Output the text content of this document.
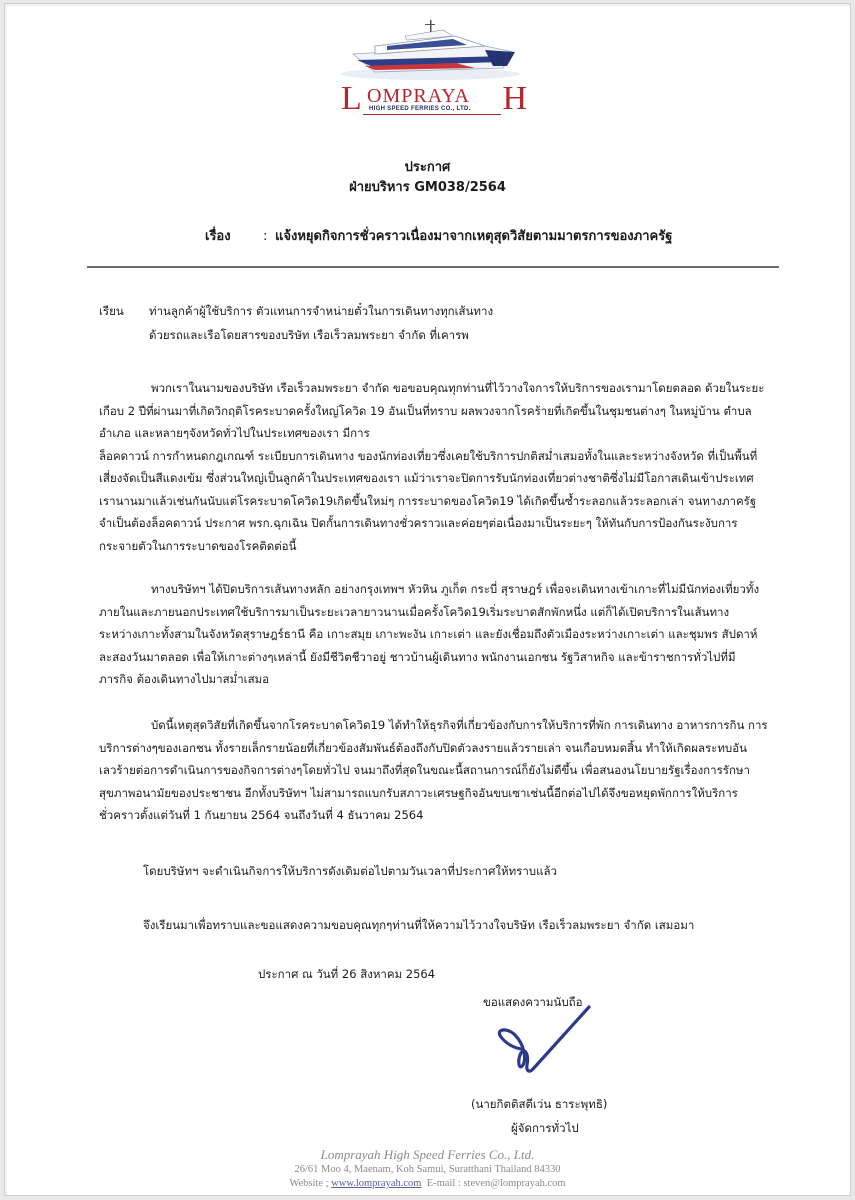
L OMPRAYA H
HIGH SPEED FERRIES CO., LTD.
ประกาศ
ฝ่ายบริหาร GM038/2564
เรื่อง : แจ้งหยุดกิจการชั่วคราวเนื่องมาจากเหตุสุดวิสัยตามมาตรการของภาครัฐ
เรียน	ท่านลูกค้าผู้ใช้บริการ ตัวแทนการจำหน่ายตั๋วในการเดินทางทุกเส้นทาง
ด้วยรถและเรือโดยสารของบริษัท เรือเร็วลมพระยา จำกัด ที่เคารพ
พวกเราในนามของบริษัท เรือเร็วลมพระยา จำกัด ขอขอบคุณทุกท่านที่ไว้วางใจการให้บริการของเรามาโดยตลอด ด้วยในระยะ
เกือบ 2 ปีที่ผ่านมาที่เกิดวิกฤติโรคระบาดครั้งใหญ่โควิด 19 อันเป็นที่ทราบ ผลพวงจากโรคร้ายที่เกิดขึ้นในชุมชนต่างๆ ในหมู่บ้าน ตำบล
อำเภอ และหลายๆจังหวัดทั่วไปในประเทศของเรา มีการ
ล็อคดาวน์ การกำหนดกฎเกณฑ์ ระเบียบการเดินทาง ของนักท่องเที่ยวซึ่งเคยใช้บริการปกติสม่ำเสมอทั้งในและระหว่างจังหวัด ที่เป็นพื้นที่
เสี่ยงจัดเป็นสีแดงเข้ม ซึ่งส่วนใหญ่เป็นลูกค้าในประเทศของเรา แม้ว่าเราจะปิดการรับนักท่องเที่ยวต่างชาติซึ่งไม่มีโอกาสเดินเข้าประเทศ
เรานานมาแล้วเช่นกันนับแต่โรคระบาดโควิด19เกิดขึ้นใหม่ๆ การระบาดของโควิด19 ได้เกิดขึ้นซ้ำระลอกแล้วระลอกเล่า จนทางภาครัฐ
จำเป็นต้องล็อคดาวน์ ประกาศ พรก.ฉุกเฉิน ปิดกั้นการเดินทางชั่วคราวและค่อยๆต่อเนื่องมาเป็นระยะๆ ให้ทันกับการป้องกันระงับการ
กระจายตัวในการระบาดของโรคติดต่อนี้
ทางบริษัทฯ ได้ปิดบริการเส้นทางหลัก อย่างกรุงเทพฯ หัวหิน ภูเก็ต กระบี่ สุราษฎร์ เพื่อจะเดินทางเข้าเกาะที่ไม่มีนักท่องเที่ยวทั้ง
ภายในและภายนอกประเทศใช้บริการมาเป็นระยะเวลายาวนานเมื่อครั้งโควิด19เริ่มระบาดสักพักหนึ่ง แต่ก็ได้เปิดบริการในเส้นทาง
ระหว่างเกาะทั้งสามในจังหวัดสุราษฎร์ธานี คือ เกาะสมุย เกาะพะงัน เกาะเต่า และยังเชื่อมถึงตัวเมืองระหว่างเกาะเต่า และชุมพร สัปดาห์
ละสองวันมาตลอด เพื่อให้เกาะต่างๆเหล่านี้ ยังมีชีวิตชีวาอยู่ ชาวบ้านผู้เดินทาง พนักงานเอกชน รัฐวิสาหกิจ และข้าราชการทั่วไปที่มี
ภารกิจ ต้องเดินทางไปมาสม่ำเสมอ
บัดนี้เหตุสุดวิสัยที่เกิดขึ้นจากโรคระบาดโควิด19 ได้ทำให้ธุรกิจที่เกี่ยวข้องกับการให้บริการที่พัก การเดินทาง อาหารการกิน การ
บริการต่างๆของเอกชน ทั้งรายเล็กรายน้อยที่เกี่ยวข้องสัมพันธ์ต้องถึงกับปิดตัวลงรายแล้วรายเล่า จนเกือบหมดสิ้น ทำให้เกิดผลระทบอัน
เลวร้ายต่อการดำเนินการของกิจการต่างๆโดยทั่วไป จนมาถึงที่สุดในขณะนี้สถานการณ์ก็ยังไม่ดีขึ้น เพื่อสนองนโยบายรัฐเรื่องการรักษา
สุขภาพอนามัยของประชาชน อีกทั้งบริษัทฯ ไม่สามารถแบกรับสภาวะเศรษฐกิจอันขบเซาเช่นนี้อีกต่อไปได้จึงขอหยุดพักการให้บริการ
ชั่วคราวตั้งแต่วันที่ 1 กันยายน 2564 จนถึงวันที่ 4 ธันวาคม 2564
โดยบริษัทฯ จะดำเนินกิจการให้บริการดังเดิมต่อไปตามวันเวลาที่ประกาศให้ทราบแล้ว
จึงเรียนมาเพื่อทราบและขอแสดงความขอบคุณทุกๆท่านที่ให้ความไว้วางใจบริษัท เรือเร็วลมพระยา จำกัด เสมอมา
ประกาศ ณ วันที่ 26 สิงหาคม 2564
ขอแสดงความนับถือ
(นายกิตติสตีเว่น ธาระพุทธิ)
ผู้จัดการทั่วไป
Lomprayah High Speed Ferries Co., Ltd.
26/61 Moo 4, Maenam, Koh Samui, Suratthani Thailand 84330
Website ; www.lomprayah.com E-mail : steven@lomprayah.com
